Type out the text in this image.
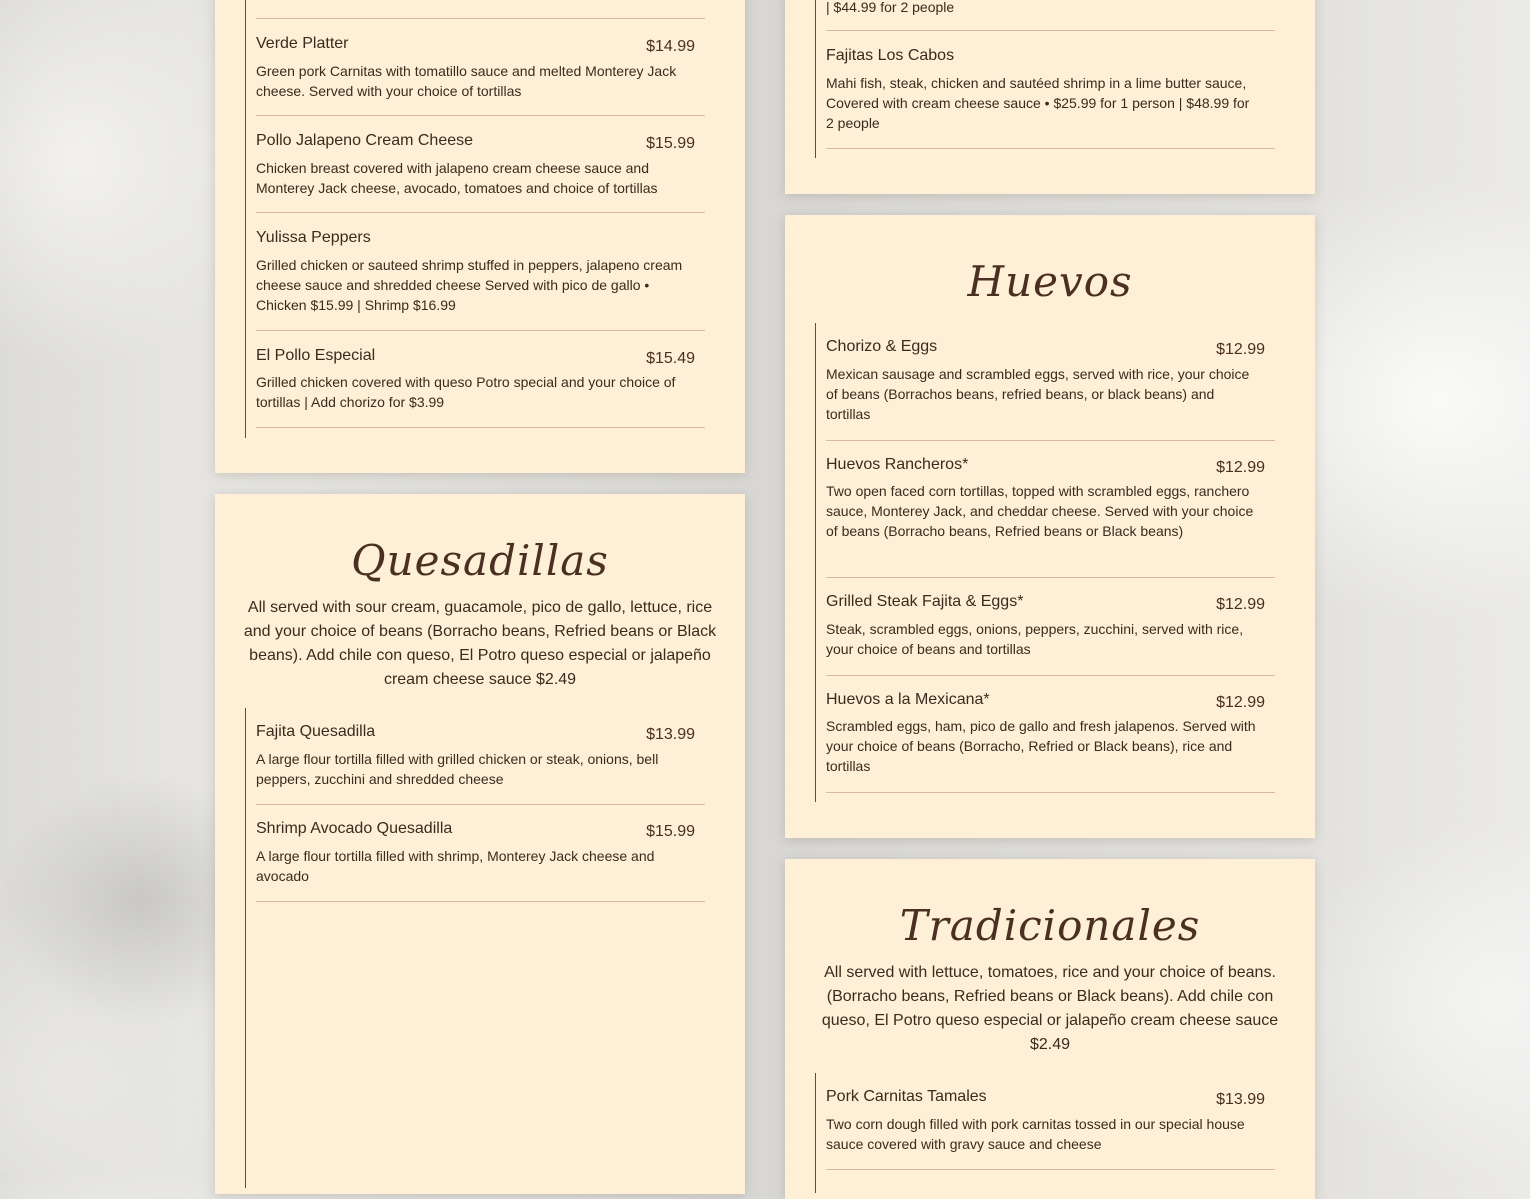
Verde Platter	$14.99
Green pork Carnitas with tomatillo sauce and melted Monterey Jack cheese. Served with your choice of tortillas
Pollo Jalapeno Cream Cheese	$15.99
Chicken breast covered with jalapeno cream cheese sauce and Monterey Jack cheese, avocado, tomatoes and choice of tortillas
Yulissa Peppers
Grilled chicken or sauteed shrimp stuffed in peppers, jalapeno cream cheese sauce and shredded cheese Served with pico de gallo • Chicken $15.99 | Shrimp $16.99
El Pollo Especial	$15.49
Grilled chicken covered with queso Potro special and your choice of tortillas | Add chorizo for $3.99
Quesadillas
All served with sour cream, guacamole, pico de gallo, lettuce, rice and your choice of beans (Borracho beans, Refried beans or Black beans). Add chile con queso, El Potro queso especial or jalapeño cream cheese sauce $2.49
Fajita Quesadilla	$13.99
A large flour tortilla filled with grilled chicken or steak, onions, bell peppers, zucchini and shredded cheese
Shrimp Avocado Quesadilla	$15.99
A large flour tortilla filled with shrimp, Monterey Jack cheese and avocado
| $44.99 for 2 people
Fajitas Los Cabos
Mahi fish, steak, chicken and sautéed shrimp in a lime butter sauce, Covered with cream cheese sauce • $25.99 for 1 person | $48.99 for 2 people
Huevos
Chorizo & Eggs	$12.99
Mexican sausage and scrambled eggs, served with rice, your choice of beans (Borrachos beans, refried beans, or black beans) and tortillas
Huevos Rancheros*	$12.99
Two open faced corn tortillas, topped with scrambled eggs, ranchero sauce, Monterey Jack, and cheddar cheese. Served with your choice of beans (Borracho beans, Refried beans or Black beans)
Grilled Steak Fajita & Eggs*	$12.99
Steak, scrambled eggs, onions, peppers, zucchini, served with rice, your choice of beans and tortillas
Huevos a la Mexicana*	$12.99
Scrambled eggs, ham, pico de gallo and fresh jalapenos. Served with your choice of beans (Borracho, Refried or Black beans), rice and tortillas
Tradicionales
All served with lettuce, tomatoes, rice and your choice of beans. (Borracho beans, Refried beans or Black beans). Add chile con queso, El Potro queso especial or jalapeño cream cheese sauce $2.49
Pork Carnitas Tamales	$13.99
Two corn dough filled with pork carnitas tossed in our special house sauce covered with gravy sauce and cheese
